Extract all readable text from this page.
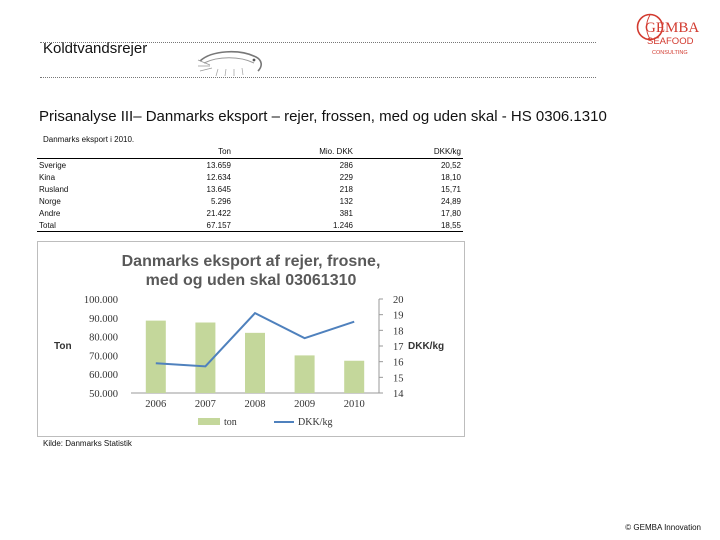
Koldtvandsrejer
GEMBA
SEAFOOD
CONSULTING
Prisanalyse III– Danmarks eksport – rejer, frossen, med og uden skal - HS 0306.1310
Danmarks eksport i 2010.
	Ton	Mio. DKK	DKK/kg
Sverige	13.659	286	20,52
Kina	12.634	229	18,10
Rusland	13.645	218	15,71
Norge	5.296	132	24,89
Andre	21.422	381	17,80
Total	67.157	1.246	18,55
Danmarks eksport af rejer, frosne,
med og uden skal 03061310
100.000
90.000
80.000
70.000
60.000
50.000
20
19
18
17
16
15
14
Ton	DKK/kg
2006	2007	2008	2009	2010
ton	DKK/kg
Kilde: Danmarks Statistik
© GEMBA Innovation
